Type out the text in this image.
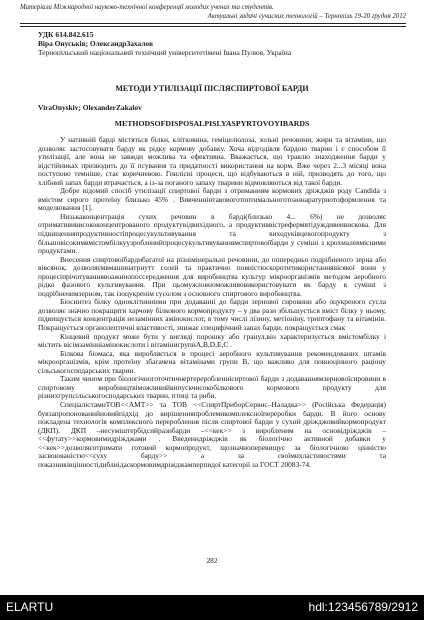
Матеріали Міжнародної науково-технічної конференції молодих учених та студентів.
Актуальні задачі сучасних технологій – Тернопіль 19-20 грудня 2012
УДК 614.842.615
Віра Онуськів; ОлександрЗахалов
Тернопільський національний технічний університетімені Івана Пулюя, Україна
МЕТОДИ УТИЛІЗАЦІЇ ПІСЛЯСПИРТОВОЇ БАРДИ
ViraOnyskiv; OlexanderZakalov
METHODSOFDISPOSALPISLYASPYRTOVOYIBARDS

У нативній барді містяться білки, клітковина, геміцелюлоза, зольні речовини, жири та вітаміни, що дозволяє застосовувати барду як рідку кормову добавку. Хоча відгодівля бардою тварин і є способом її утилізації, але вона не завжди можлива та ефективна. Вважається, що травлю знаходження барди у відстійниках призводить до її псування та придатності використання на корм. Вже через 2...3 місяці вона поступово темніше, стає коричневою. Гнилісні процеси, що відбуваються в ній, призводять до того, що хлібний запах барди втрачається, а із-за поганого запаху тварини відмовляються від такої барди.

Добре відомий спосіб утилізації спиртової барди з отриманням кормових дріжджів роду Candida з вмістом сирого протеїну близько 45% . Вивченнінтавовоготоптимальноготоаннаратуриотоформлення та моделювання [1].

Низькаконцентрація сухих речовин в барді(близько 4... 6%) не дозволяє отриматививисококонцентрованого продуктувідвихідного, а продуктиввістрефермвтідуждивенвискова. Для підвищенняпродуктивностіпроцесукультивування та виходуківцевогопродукту з більшовісокимвмістомбілкуузробленийпроцесукультивуваннямспиртовоїбарди у суміші з крохмалевмісними продуктами.

Внесення спиртовоїбардибагатої на різнімінеральні речовини, до попередньо подрібненого зерна або вівсянок, дозволяємвмашинатрнутт солей та практично повністюскоротитикористаннявісякої вони у процесіпрічотуваннявоажинопоссередження для виробництва культур мікроорганізмів методом аеробного рідко фазового культивування. При цьомужловноможливовикористовувати як барду в суміші з подрібненимзерном, так ізоцукренім сусолом з основного спиртового виробництва.

Біосинтез білку одноклітинними при додаванні до барди зернової сировини або оцукреного сусла дозволяє значно покращити харчову білкового кормопродукту – у два рази збільшується вміст білку у ньому, підвищується концентрація незамінних амінокислот, в тому числі лізину, метіоніну, триптофану та вітамінів. Покращується органолептичні властивості, знижає специфічний запах барди, покращується смак

Кінцевий продукт може бути у вигляді порошку або гранул,він характеризується вмістомбілку і містить вісімзамінніамінокислоти і вітамінигрупиА,В,D,E,C .

Білкова біомаса, яка виробляється в процесі аеробного культивування рекомендованих штамів мікроорганізмів, крім протеїну збагачена вітамінами групи В, що важливо для повноцінного раціону сільськогосподарських тварин.

Таким чином при біологічноготочтичнертереробленнісиртової барди з додаваннямзерновоїсировини в спиртовому виробництвіможливийвипускчисокобілкового кормового продукту для різнихгрупсільськогосподарських тварин, птиці та риби.

СпеціалістамиТОВ<<АМТ>> та ТОВ <<СпиртПриборСервис–Наладка>> (Російська Федерація) бувзапропонованийновийпідхід до вирішенняпроблемикомплексноїпереробки барди. В його основу покладена технологія комплексного перероблення після спиртової барди у сухий дріжджовийкормопродукт (ДКП). ДКП –несуміштербідсийразибарди –<<кек>> з виробленим на основідріжджів –<<футату>>кормовимидріжджами . Введенндріжджів як біологічно активной добавки у <<кек>>дозволяєотримати готовий кормопродукт, щозначноперевищує за біологічною цінністю засвоюваністю<<суху барду>> а за своїмихластивостями та показниківцінностідиблиідаскормовимдріжджамперпидої категорії за ГОСТ 20083-74.

282
ELARTU	hdl:123456789/2912
